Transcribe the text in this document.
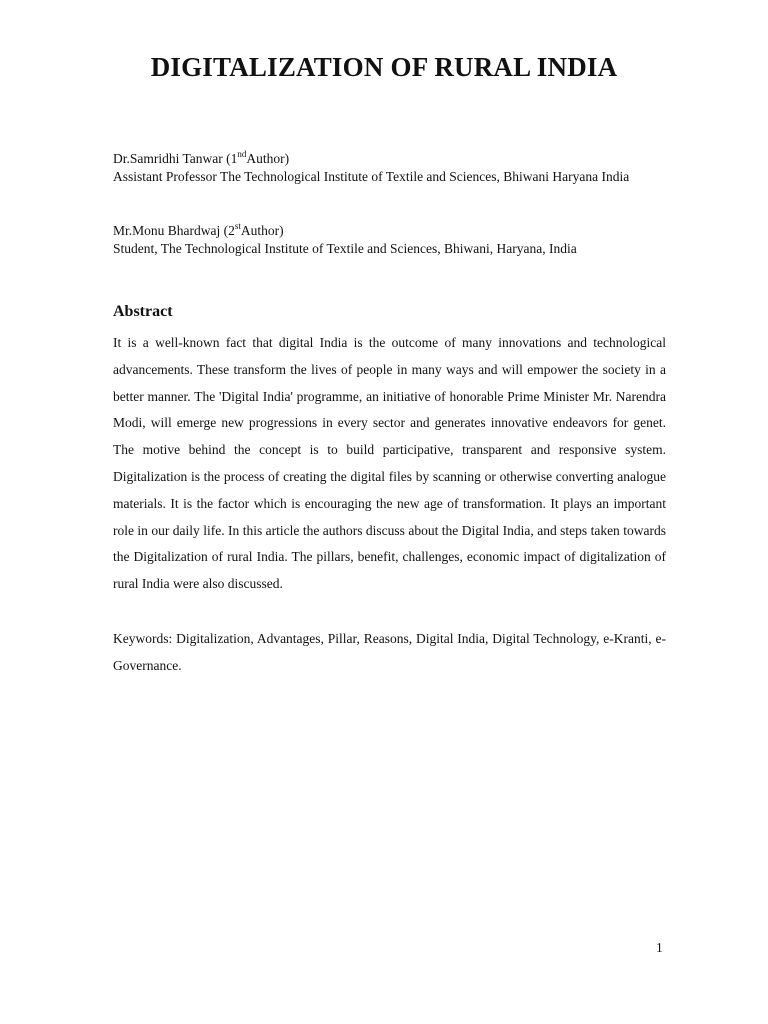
DIGITALIZATION OF RURAL INDIA
Dr.Samridhi Tanwar (1ndAuthor)
Assistant Professor The Technological Institute of Textile and Sciences, Bhiwani Haryana India
Mr.Monu Bhardwaj (2stAuthor)
Student, The Technological Institute of Textile and Sciences, Bhiwani, Haryana, India
Abstract
It is a well-known fact that digital India is the outcome of many innovations and technological advancements. These transform the lives of people in many ways and will empower the society in a better manner. The 'Digital India' programme, an initiative of honorable Prime Minister Mr. Narendra Modi, will emerge new progressions in every sector and generates innovative endeavors for genet. The motive behind the concept is to build participative, transparent and responsive system. Digitalization is the process of creating the digital files by scanning or otherwise converting analogue materials. It is the factor which is encouraging the new age of transformation. It plays an important role in our daily life. In this article the authors discuss about the Digital India, and steps taken towards the Digitalization of rural India. The pillars, benefit, challenges, economic impact of digitalization of rural India were also discussed.
Keywords: Digitalization, Advantages, Pillar, Reasons, Digital India, Digital Technology, e-Kranti, e-Governance.
1
